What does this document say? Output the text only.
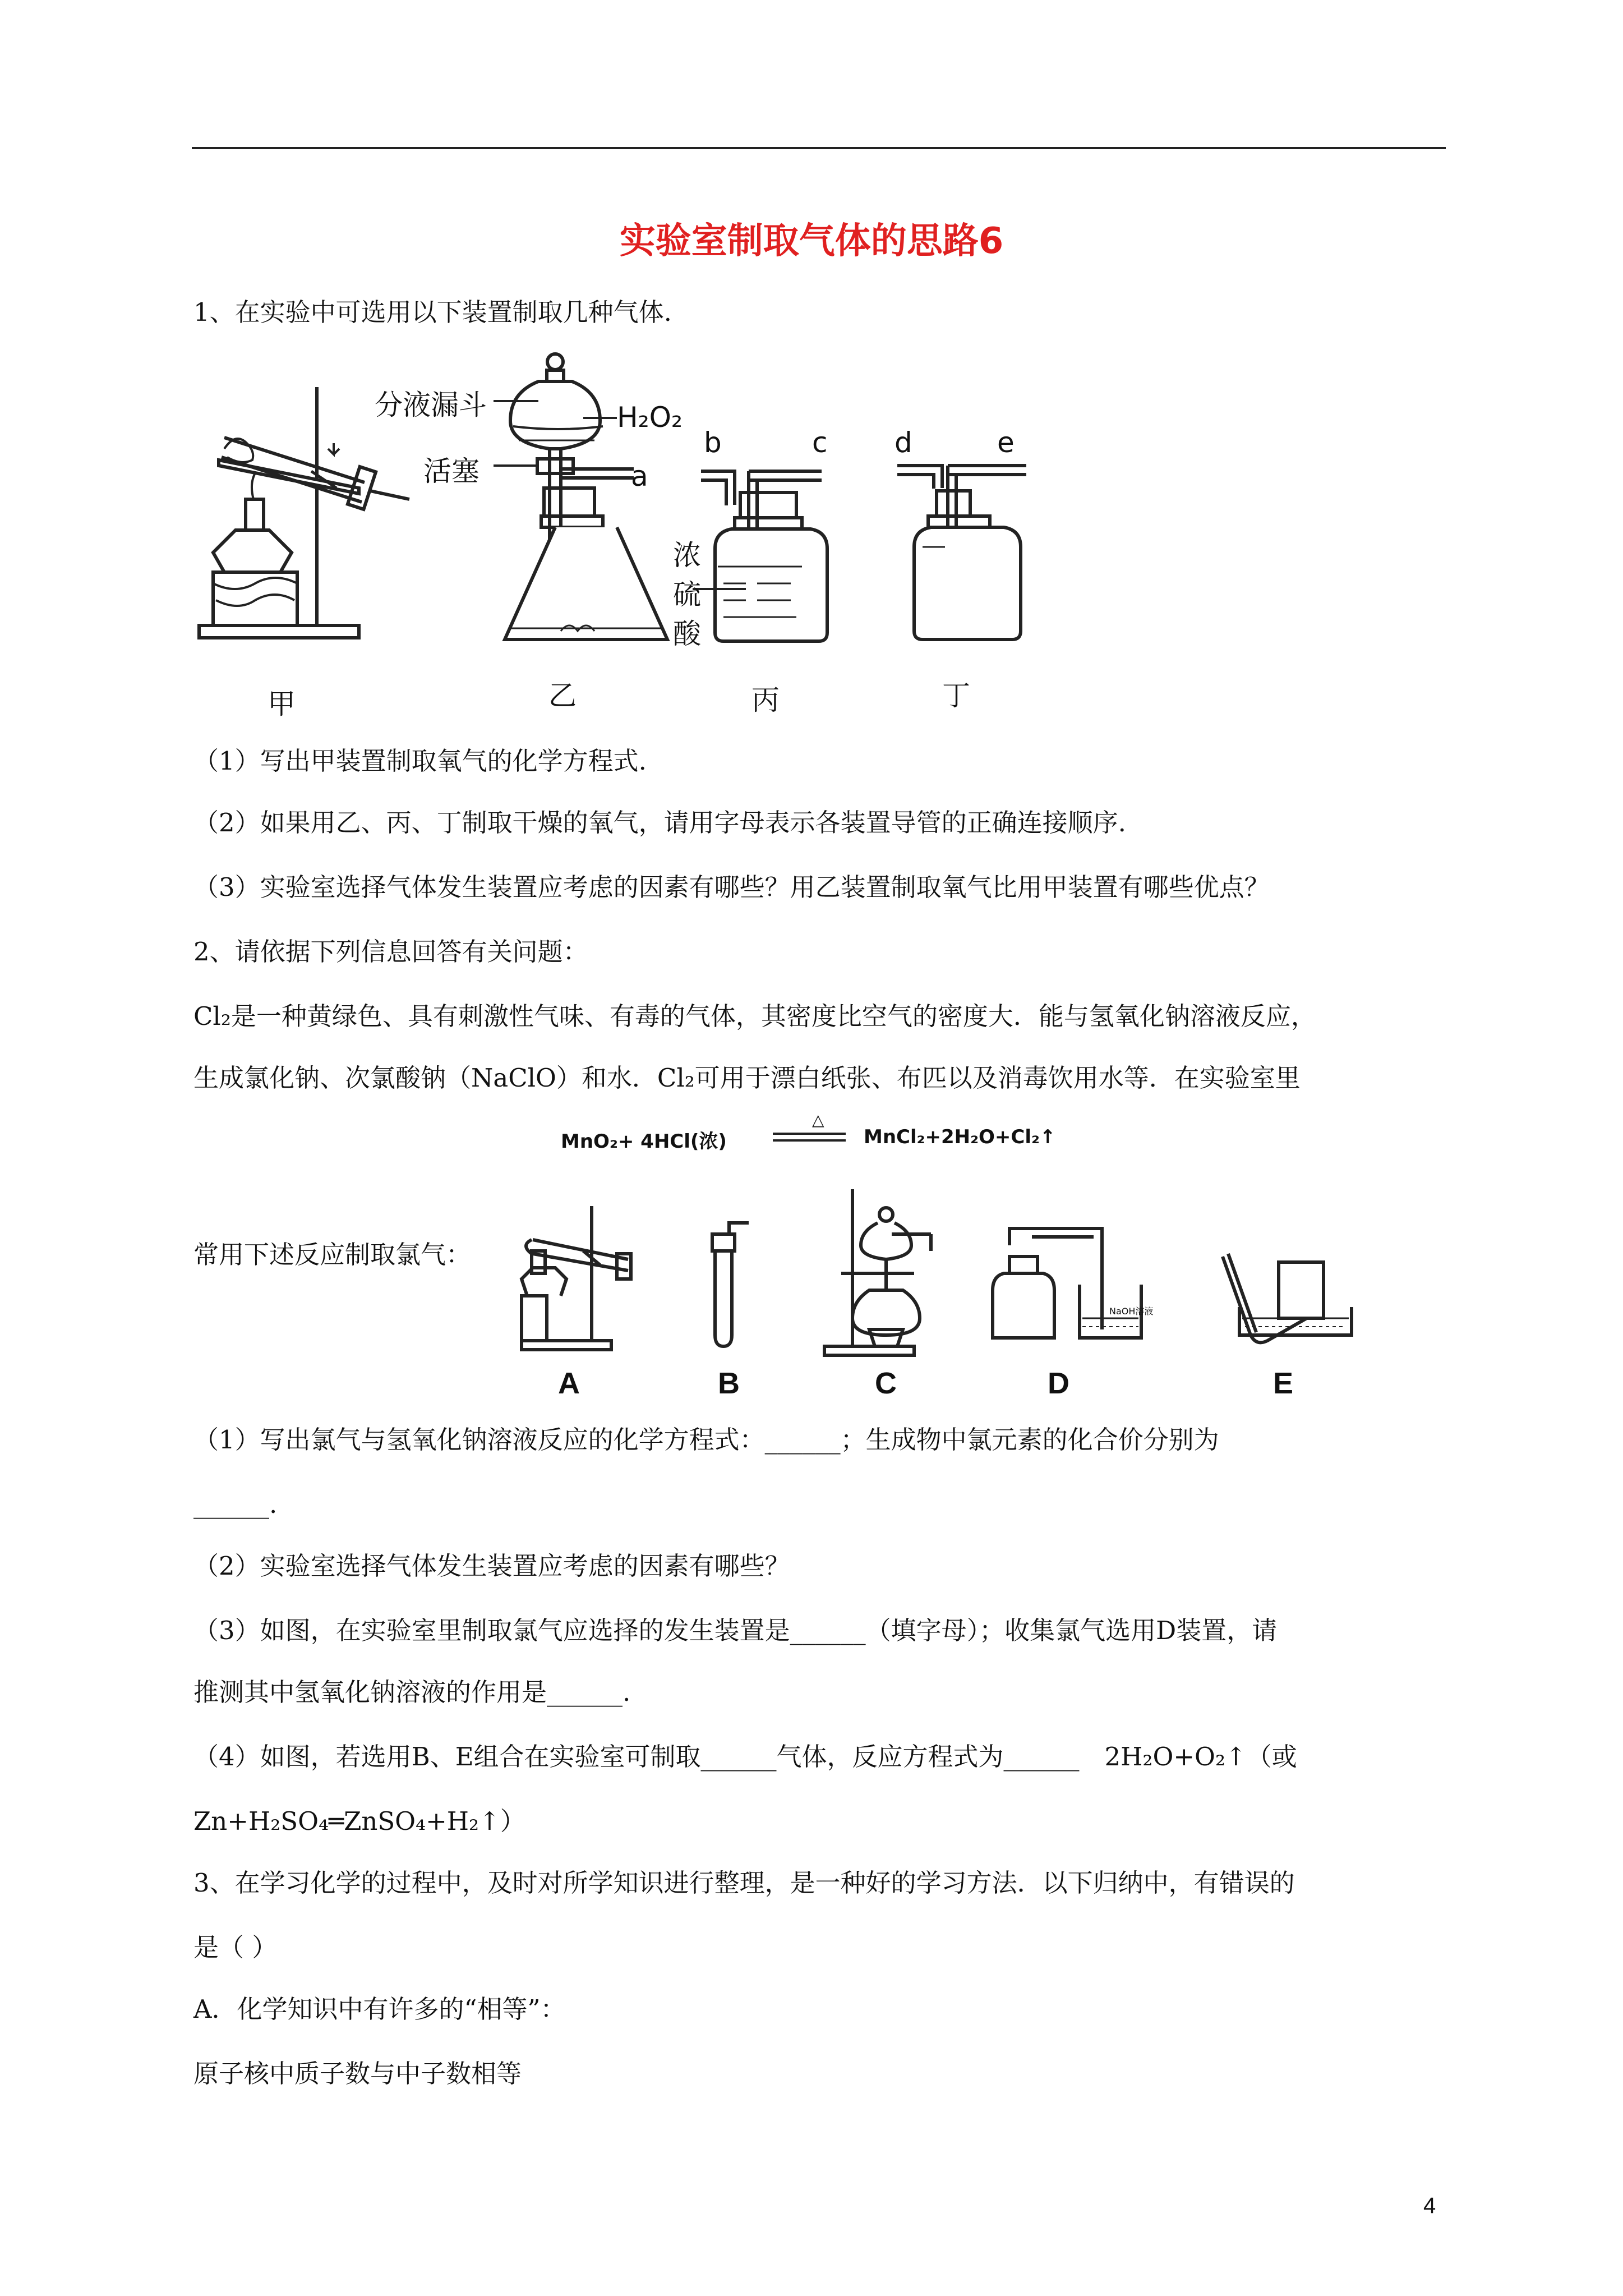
实验室制取气体的思路6
1、在实验中可选用以下装置制取几种气体.
分液漏斗	H₂O₂
活塞	a
b	c d	e
浓
硫
酸
甲	乙	丙	丁
（1）写出甲装置制取氧气的化学方程式.
（2）如果用乙、丙、丁制取干燥的氧气，请用字母表示各装置导管的正确连接顺序.
（3）实验室选择气体发生装置应考虑的因素有哪些？用乙装置制取氧气比用甲装置有哪些优点？
2、请依据下列信息回答有关问题：
Cl₂是一种黄绿色、具有刺激性气味、有毒的气体，其密度比空气的密度大．能与氢氧化钠溶液反应，
生成氯化钠、次氯酸钠（NaClO）和水．Cl₂可用于漂白纸张、布匹以及消毒饮用水等．在实验室里
MnO₂+ 4HCl(浓)
△
MnCl₂+2H₂O+Cl₂↑
常用下述反应制取氯气：
NaOH溶液
A	B	C	D	E
（1）写出氯气与氢氧化钠溶液反应的化学方程式：______；生成物中氯元素的化合价分别为
______.
（2）实验室选择气体发生装置应考虑的因素有哪些？
（3）如图，在实验室里制取氯气应选择的发生装置是______（填字母）；收集氯气选用D装置，请
推测其中氢氧化钠溶液的作用是______.
（4）如图，若选用B、E组合在实验室可制取______气体，反应方程式为______　2H₂O+O₂↑（或
Zn+H₂SO₄═ZnSO₄+H₂↑）
3、在学习化学的过程中，及时对所学知识进行整理，是一种好的学习方法．以下归纳中，有错误的
是（ ）
A．化学知识中有许多的“相等”：
原子核中质子数与中子数相等
4
